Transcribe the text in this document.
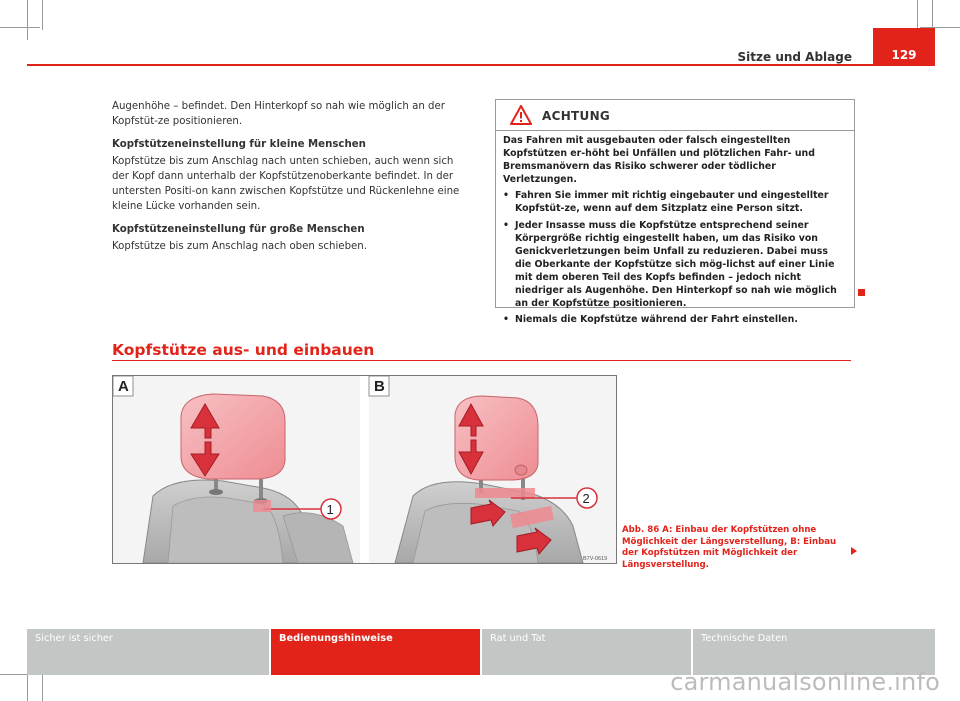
129
Sitze und Ablage

Augenhöhe – befindet. Den Hinterkopf so nah wie möglich an der Kopfstüt-ze positionieren.

Kopfstützeneinstellung für kleine Menschen

Kopfstütze bis zum Anschlag nach unten schieben, auch wenn sich der Kopf dann unterhalb der Kopfstützenoberkante befindet. In der untersten Positi-on kann zwischen Kopfstütze und Rückenlehne eine kleine Lücke vorhanden sein.

Kopfstützeneinstellung für große Menschen

Kopfstütze bis zum Anschlag nach oben schieben.

ACHTUNG

Das Fahren mit ausgebauten oder falsch eingestellten Kopfstützen er-höht bei Unfällen und plötzlichen Fahr- und Bremsmanövern das Risiko schwerer oder tödlicher Verletzungen.

• Fahren Sie immer mit richtig eingebauter und eingestellter Kopfstüt-ze, wenn auf dem Sitzplatz eine Person sitzt.

• Jeder Insasse muss die Kopfstütze entsprechend seiner Körpergröße richtig eingestellt haben, um das Risiko von Genickverletzungen beim Unfall zu reduzieren. Dabei muss die Oberkante der Kopfstütze sich mög-lichst auf einer Linie mit dem oberen Teil des Kopfs befinden – jedoch nicht niedriger als Augenhöhe. Den Hinterkopf so nah wie möglich an der Kopfstütze positionieren.

• Niemals die Kopfstütze während der Fahrt einstellen.

Kopfstütze aus- und einbauen
A
1
B
2
B7V-0619
Abb. 86 A: Einbau der Kopfstützen ohne Möglichkeit der Längsverstellung, B: Einbau der Kopfstützen mit Möglichkeit der Längsverstellung.
Sicher ist sicher	Bedienungshinweise	Rat und Tat	Technische Daten
carmanualsonline.info
